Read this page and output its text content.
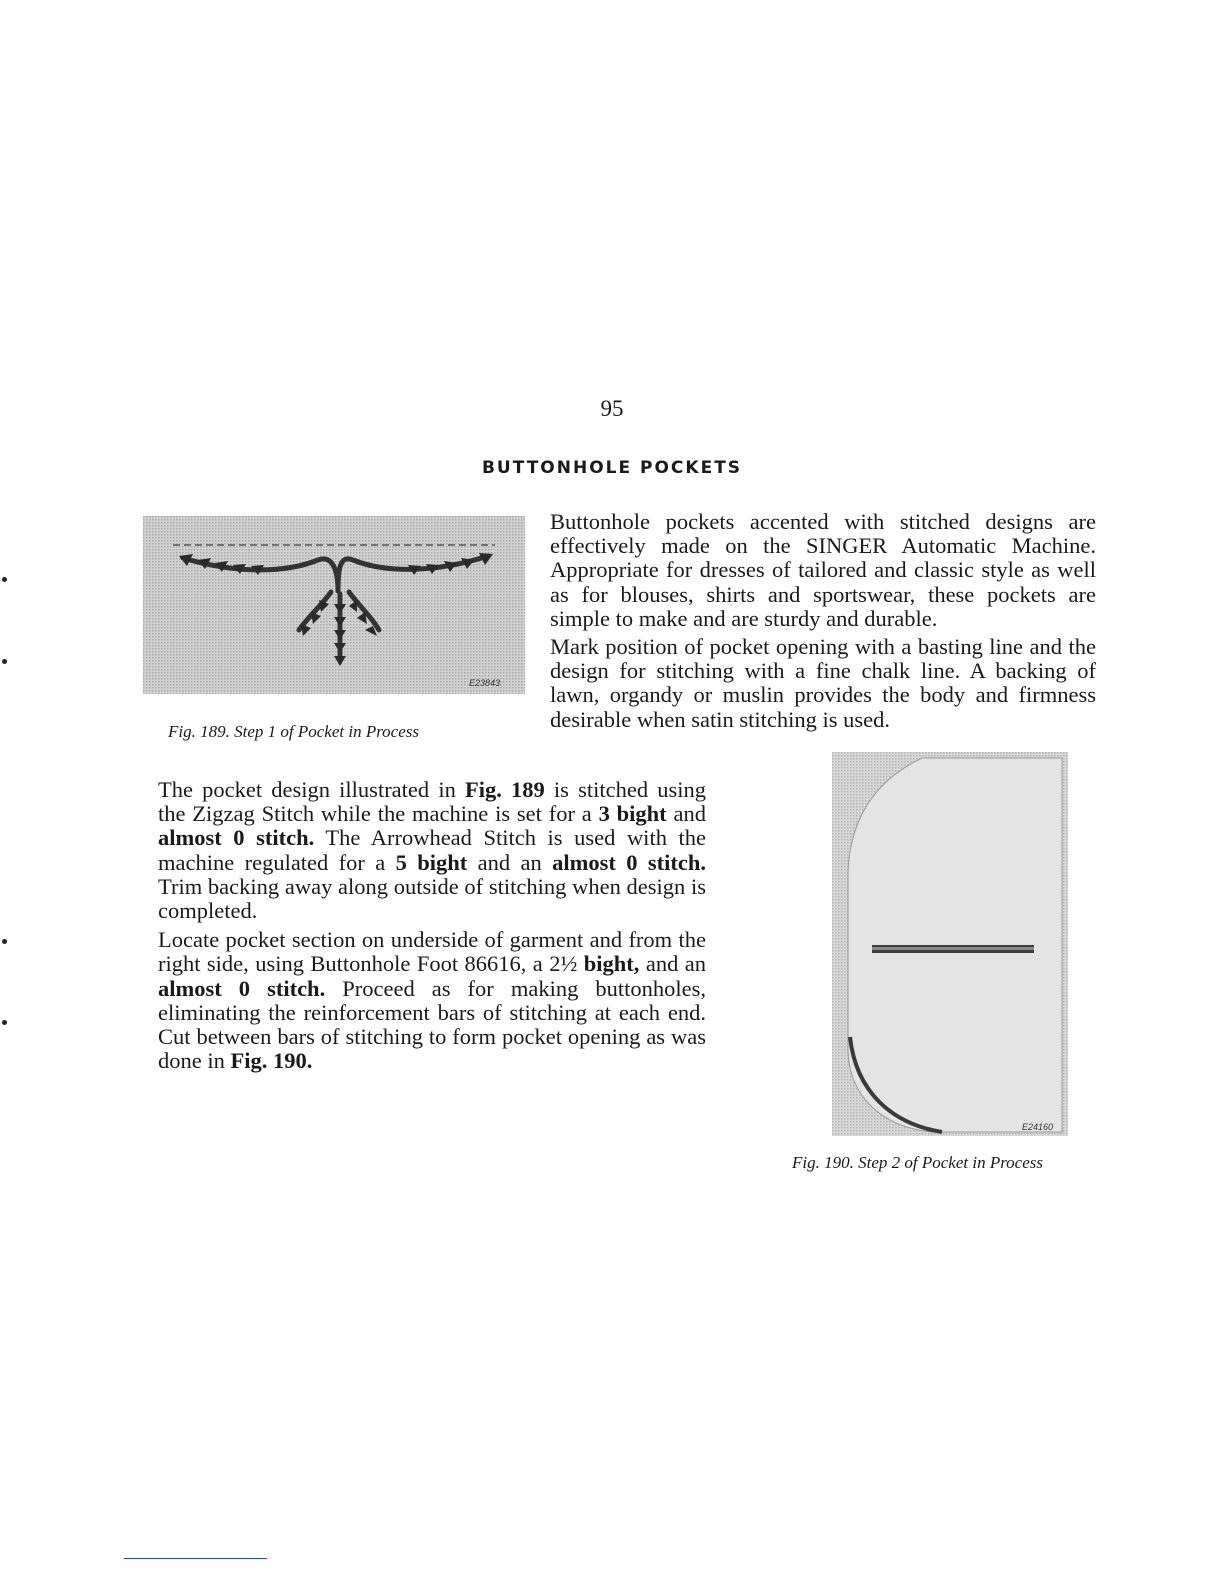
95
BUTTONHOLE POCKETS
E23843
Fig. 189. Step 1 of Pocket in Process

Buttonhole pockets accented with stitched designs are effectively made on the SINGER Automatic Machine. Appropriate for dresses of tailored and classic style as well as for blouses, shirts and sportswear, these pockets are simple to make and are sturdy and durable.

Mark position of pocket opening with a basting line and the design for stitching with a fine chalk line. A backing of lawn, organdy or muslin provides the body and firmness desirable when satin stitching is used.

The pocket design illustrated in Fig. 189 is stitched using the Zigzag Stitch while the machine is set for a 3 bight and almost 0 stitch. The Arrowhead Stitch is used with the machine regulated for a 5 bight and an almost 0 stitch. Trim backing away along outside of stitching when design is completed.

Locate pocket section on underside of garment and from the right side, using Buttonhole Foot 86616, a 2½ bight, and an almost 0 stitch. Proceed as for making buttonholes, eliminating the reinforcement bars of stitching at each end. Cut between bars of stitching to form pocket opening as was done in Fig. 190.

E24160
Fig. 190. Step 2 of Pocket in Process
